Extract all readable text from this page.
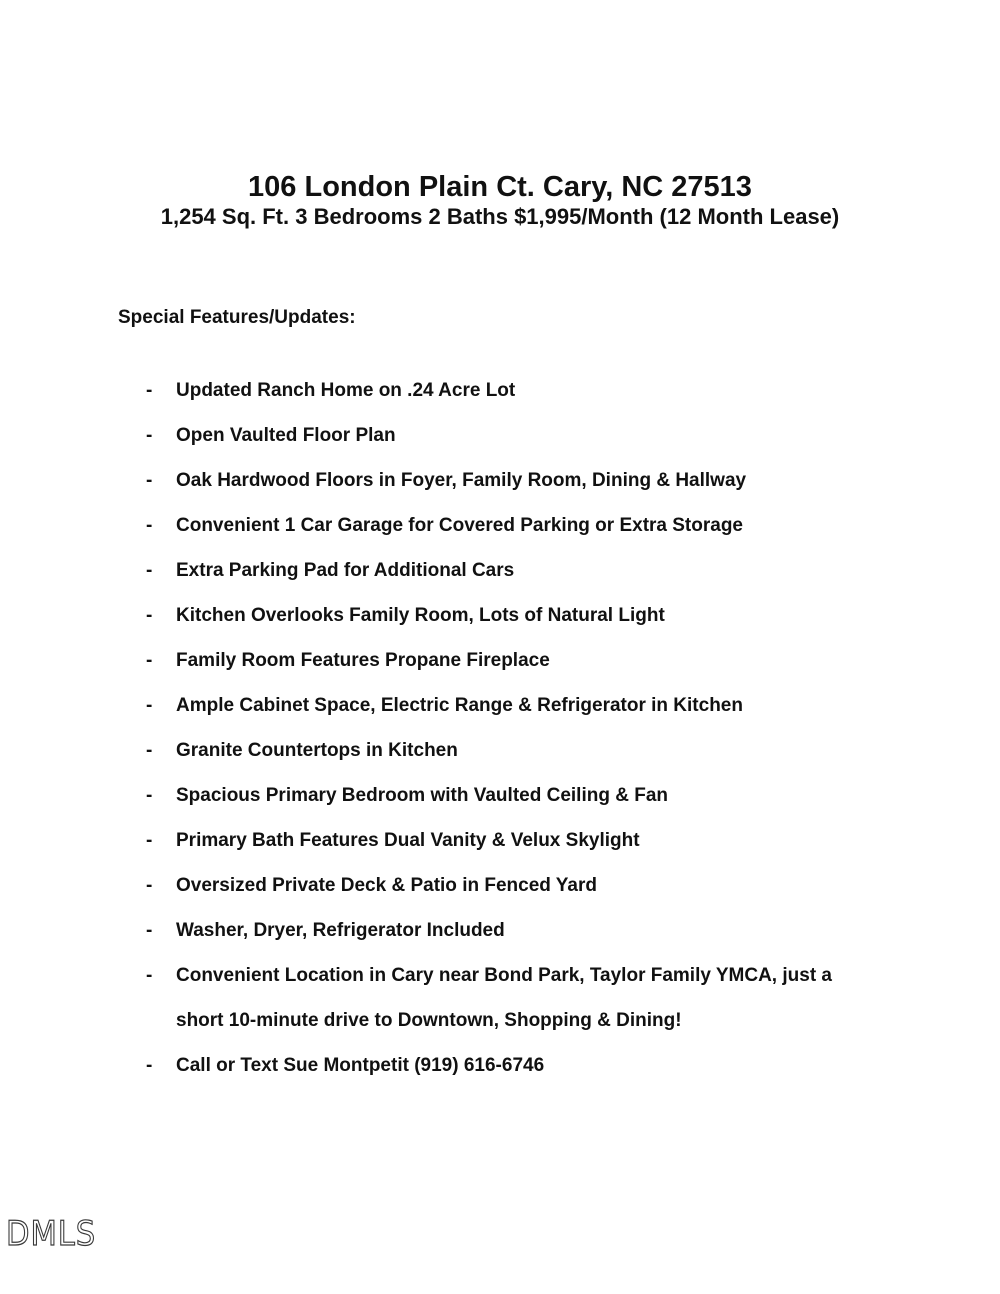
106 London Plain Ct. Cary, NC 27513
1,254 Sq. Ft. 3 Bedrooms 2 Baths $1,995/Month (12 Month Lease)

Special Features/Updates:

- Updated Ranch Home on .24 Acre Lot
- Open Vaulted Floor Plan
- Oak Hardwood Floors in Foyer, Family Room, Dining & Hallway
- Convenient 1 Car Garage for Covered Parking or Extra Storage
- Extra Parking Pad for Additional Cars
- Kitchen Overlooks Family Room, Lots of Natural Light
- Family Room Features Propane Fireplace
- Ample Cabinet Space, Electric Range & Refrigerator in Kitchen
- Granite Countertops in Kitchen
- Spacious Primary Bedroom with Vaulted Ceiling & Fan
- Primary Bath Features Dual Vanity & Velux Skylight
- Oversized Private Deck & Patio in Fenced Yard
- Washer, Dryer, Refrigerator Included
- Convenient Location in Cary near Bond Park, Taylor Family YMCA, just a short 10-minute drive to Downtown, Shopping & Dining!
- Call or Text Sue Montpetit (919) 616-6746
DMLS
